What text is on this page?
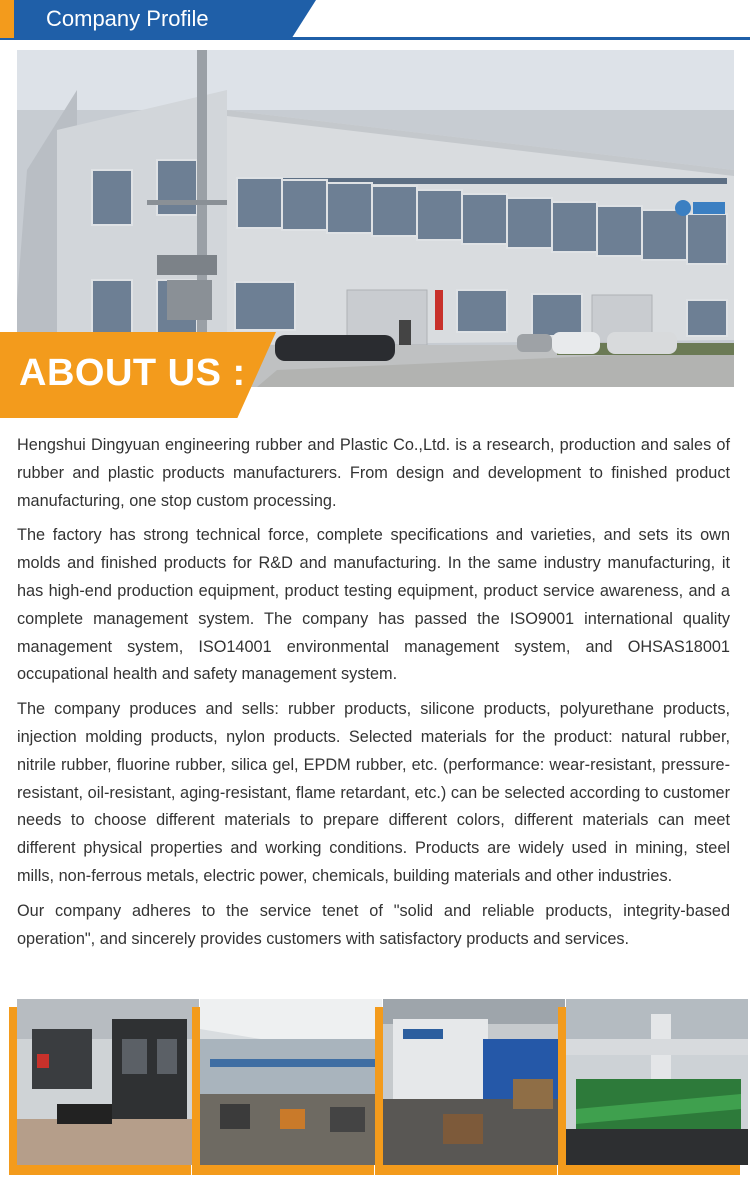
Company Profile
ABOUT US :

Hengshui Dingyuan engineering rubber and Plastic Co.,Ltd. is a research, production and sales of rubber and plastic products manufacturers. From design and development to finished product manufacturing, one stop custom processing.

The factory has strong technical force, complete specifications and varieties, and sets its own molds and finished products for R&D and manufacturing. In the same industry manufacturing, it has high-end production equipment, product testing equipment, product service awareness, and a complete management system. The company has passed the ISO9001 international quality management system, ISO14001 environmental management system, and OHSAS18001 occupational health and safety management system.

The company produces and sells: rubber products, silicone products, polyurethane products, injection molding products, nylon products. Selected materials for the product: natural rubber, nitrile rubber, fluorine rubber, silica gel, EPDM rubber, etc. (performance: wear-resistant, pressure-resistant, oil-resistant, aging-resistant, flame retardant, etc.) can be selected according to customer needs to choose different materials to prepare different colors, different materials can meet different physical properties and working conditions. Products are widely used in mining, steel mills, non-ferrous metals, electric power, chemicals, building materials and other industries.

Our company adheres to the service tenet of "solid and reliable products, integrity-based operation", and sincerely provides customers with satisfactory products and services.
